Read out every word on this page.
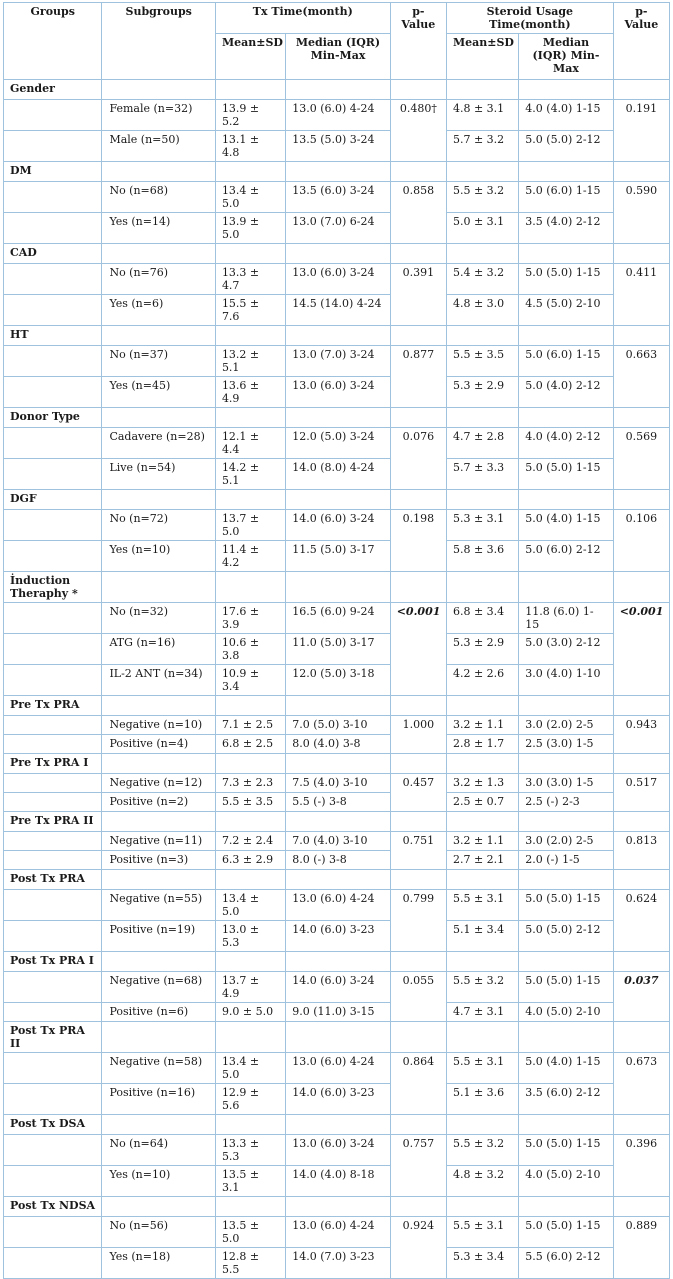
Groups	Subgroups	Tx Time(month)		p-Value	Steroid Usage Time(month)		p-Value
		Mean±SD	Median (IQR) Min-Max		Mean±SD	Median (IQR) Min-Max	
Gender							
	Female (n=32)	13.9 ± 5.2	13.0 (6.0) 4-24	0.480†	4.8 ± 3.1	4.0 (4.0) 1-15	0.191
	Male (n=50)	13.1 ± 4.8	13.5 (5.0) 3-24		5.7 ± 3.2	5.0 (5.0) 2-12	
DM							
	No (n=68)	13.4 ± 5.0	13.5 (6.0) 3-24	0.858	5.5 ± 3.2	5.0 (6.0) 1-15	0.590
	Yes (n=14)	13.9 ± 5.0	13.0 (7.0) 6-24		5.0 ± 3.1	3.5 (4.0) 2-12	
CAD							
	No (n=76)	13.3 ± 4.7	13.0 (6.0) 3-24	0.391	5.4 ± 3.2	5.0 (5.0) 1-15	0.411
	Yes (n=6)	15.5 ± 7.6	14.5 (14.0) 4-24		4.8 ± 3.0	4.5 (5.0) 2-10	
HT							
	No (n=37)	13.2 ± 5.1	13.0 (7.0) 3-24	0.877	5.5 ± 3.5	5.0 (6.0) 1-15	0.663
	Yes (n=45)	13.6 ± 4.9	13.0 (6.0) 3-24		5.3 ± 2.9	5.0 (4.0) 2-12	
Donor Type							
	Cadavere (n=28)	12.1 ± 4.4	12.0 (5.0) 3-24	0.076	4.7 ± 2.8	4.0 (4.0) 2-12	0.569
	Live (n=54)	14.2 ± 5.1	14.0 (8.0) 4-24		5.7 ± 3.3	5.0 (5.0) 1-15	
DGF							
	No (n=72)	13.7 ± 5.0	14.0 (6.0) 3-24	0.198	5.3 ± 3.1	5.0 (4.0) 1-15	0.106
	Yes (n=10)	11.4 ± 4.2	11.5 (5.0) 3-17		5.8 ± 3.6	5.0 (6.0) 2-12	
İnduction Theraphy *							
	No (n=32)	17.6 ± 3.9	16.5 (6.0) 9-24	<0.001	6.8 ± 3.4	11.8 (6.0) 1-15	<0.001
	ATG (n=16)	10.6 ± 3.8	11.0 (5.0) 3-17		5.3 ± 2.9	5.0 (3.0) 2-12	
	IL-2 ANT (n=34)	10.9 ± 3.4	12.0 (5.0) 3-18		4.2 ± 2.6	3.0 (4.0) 1-10	
Pre Tx PRA							
	Negative (n=10)	7.1 ± 2.5	7.0 (5.0) 3-10	1.000	3.2 ± 1.1	3.0 (2.0) 2-5	0.943
	Positive (n=4)	6.8 ± 2.5	8.0 (4.0) 3-8		2.8 ± 1.7	2.5 (3.0) 1-5	
Pre Tx PRA I							
	Negative (n=12)	7.3 ± 2.3	7.5 (4.0) 3-10	0.457	3.2 ± 1.3	3.0 (3.0) 1-5	0.517
	Positive (n=2)	5.5 ± 3.5	5.5 (-) 3-8		2.5 ± 0.7	2.5 (-) 2-3	
Pre Tx PRA II							
	Negative (n=11)	7.2 ± 2.4	7.0 (4.0) 3-10	0.751	3.2 ± 1.1	3.0 (2.0) 2-5	0.813
	Positive (n=3)	6.3 ± 2.9	8.0 (-) 3-8		2.7 ± 2.1	2.0 (-) 1-5	
Post Tx PRA							
	Negative (n=55)	13.4 ± 5.0	13.0 (6.0) 4-24	0.799	5.5 ± 3.1	5.0 (5.0) 1-15	0.624
	Positive (n=19)	13.0 ± 5.3	14.0 (6.0) 3-23		5.1 ± 3.4	5.0 (5.0) 2-12	
Post Tx PRA I							
	Negative (n=68)	13.7 ± 4.9	14.0 (6.0) 3-24	0.055	5.5 ± 3.2	5.0 (5.0) 1-15	0.037
	Positive (n=6)	9.0 ± 5.0	9.0 (11.0) 3-15		4.7 ± 3.1	4.0 (5.0) 2-10	
Post Tx PRA II							
	Negative (n=58)	13.4 ± 5.0	13.0 (6.0) 4-24	0.864	5.5 ± 3.1	5.0 (4.0) 1-15	0.673
	Positive (n=16)	12.9 ± 5.6	14.0 (6.0) 3-23		5.1 ± 3.6	3.5 (6.0) 2-12	
Post Tx DSA							
	No (n=64)	13.3 ± 5.3	13.0 (6.0) 3-24	0.757	5.5 ± 3.2	5.0 (5.0) 1-15	0.396
	Yes (n=10)	13.5 ± 3.1	14.0 (4.0) 8-18		4.8 ± 3.2	4.0 (5.0) 2-10	
Post Tx NDSA							
	No (n=56)	13.5 ± 5.0	13.0 (6.0) 4-24	0.924	5.5 ± 3.1	5.0 (5.0) 1-15	0.889
	Yes (n=18)	12.8 ± 5.5	14.0 (7.0) 3-23		5.3 ± 3.4	5.5 (6.0) 2-12	
